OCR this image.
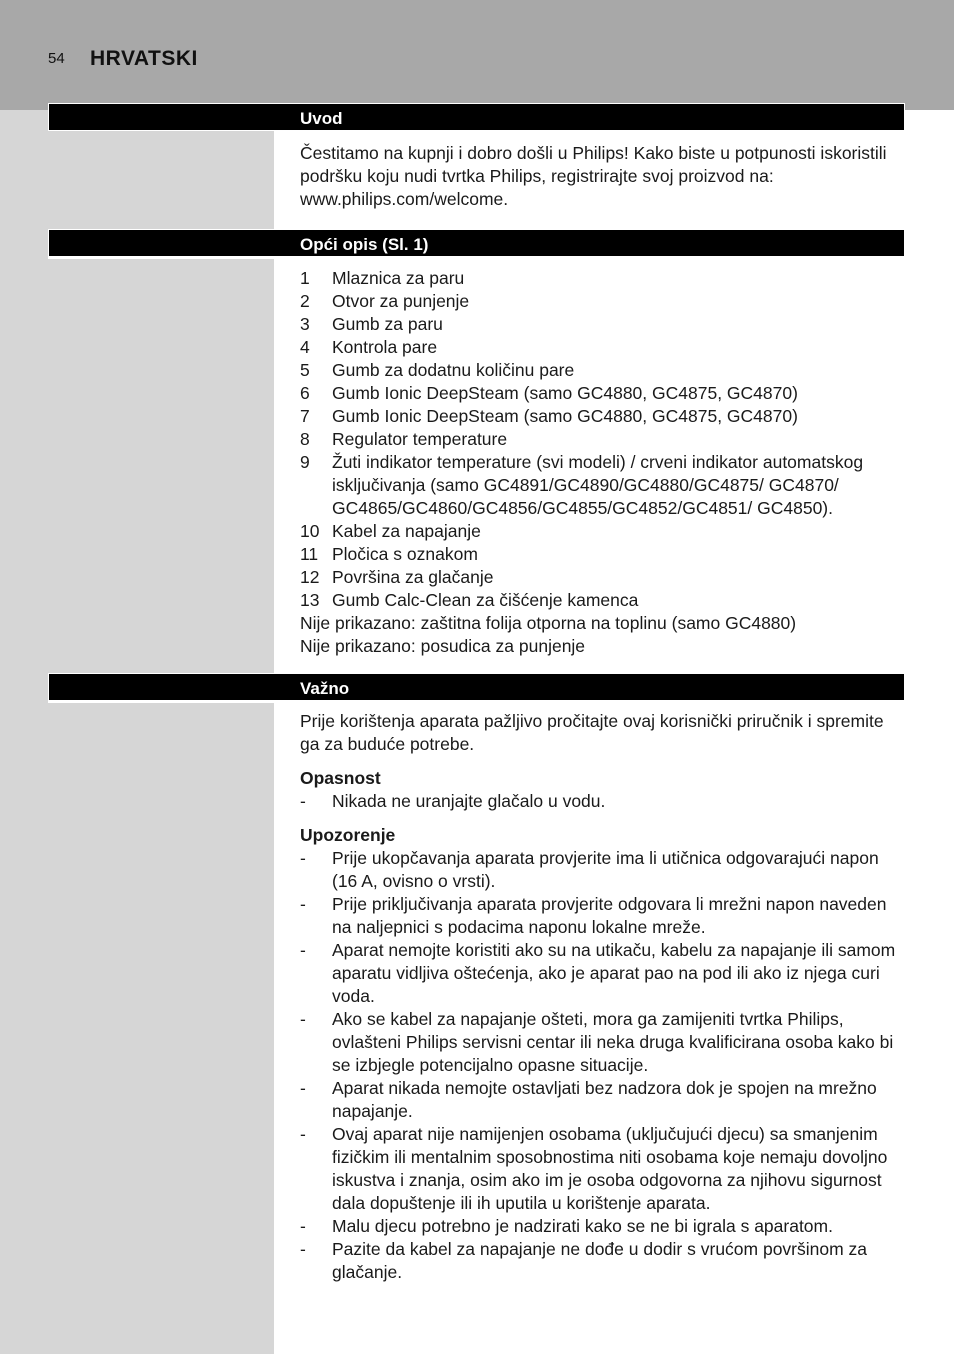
54 HRVATSKI
Uvod

Čestitamo na kupnji i dobro došli u Philips! Kako biste u potpunosti iskoristili podršku koju nudi tvrtka Philips, registrirajte svoj proizvod na: www.philips.com/welcome.

Opći opis (Sl. 1)
1	Mlaznica za paru
2	Otvor za punjenje
3	Gumb za paru
4	Kontrola pare
5	Gumb za dodatnu količinu pare
6	Gumb Ionic DeepSteam (samo GC4880, GC4875, GC4870)
7	Gumb Ionic DeepSteam (samo GC4880, GC4875, GC4870)
8	Regulator temperature
9	Žuti indikator temperature (svi modeli) / crveni indikator automatskog isključivanja (samo GC4891/GC4890/GC4880/GC4875/ GC4870/ GC4865/GC4860/GC4856/GC4855/GC4852/GC4851/ GC4850).
10 Kabel za napajanje
11 Pločica s oznakom
12 Površina za glačanje
13 Gumb Calc-Clean za čišćenje kamenca

Nije prikazano: zaštitna folija otporna na toplinu (samo GC4880)

Nije prikazano: posudica za punjenje

Važno

Prije korištenja aparata pažljivo pročitajte ovaj korisnički priručnik i spremite ga za buduće potrebe.

Opasnost

-	Nikada ne uranjajte glačalo u vodu.

Upozorenje

-	Prije ukopčavanja aparata provjerite ima li utičnica odgovarajući napon (16 A, ovisno o vrsti).
-	Prije priključivanja aparata provjerite odgovara li mrežni napon naveden na naljepnici s podacima naponu lokalne mreže.
-	Aparat nemojte koristiti ako su na utikaču, kabelu za napajanje ili samom aparatu vidljiva oštećenja, ako je aparat pao na pod ili ako iz njega curi voda.
-	Ako se kabel za napajanje ošteti, mora ga zamijeniti tvrtka Philips, ovlašteni Philips servisni centar ili neka druga kvalificirana osoba kako bi se izbjegle potencijalno opasne situacije.
-	Aparat nikada nemojte ostavljati bez nadzora dok je spojen na mrežno napajanje.
-	Ovaj aparat nije namijenjen osobama (uključujući djecu) sa smanjenim fizičkim ili mentalnim sposobnostima niti osobama koje nemaju dovoljno iskustva i znanja, osim ako im je osoba odgovorna za njihovu sigurnost dala dopuštenje ili ih uputila u korištenje aparata.
-	Malu djecu potrebno je nadzirati kako se ne bi igrala s aparatom.
-	Pazite da kabel za napajanje ne dođe u dodir s vrućom površinom za glačanje.
